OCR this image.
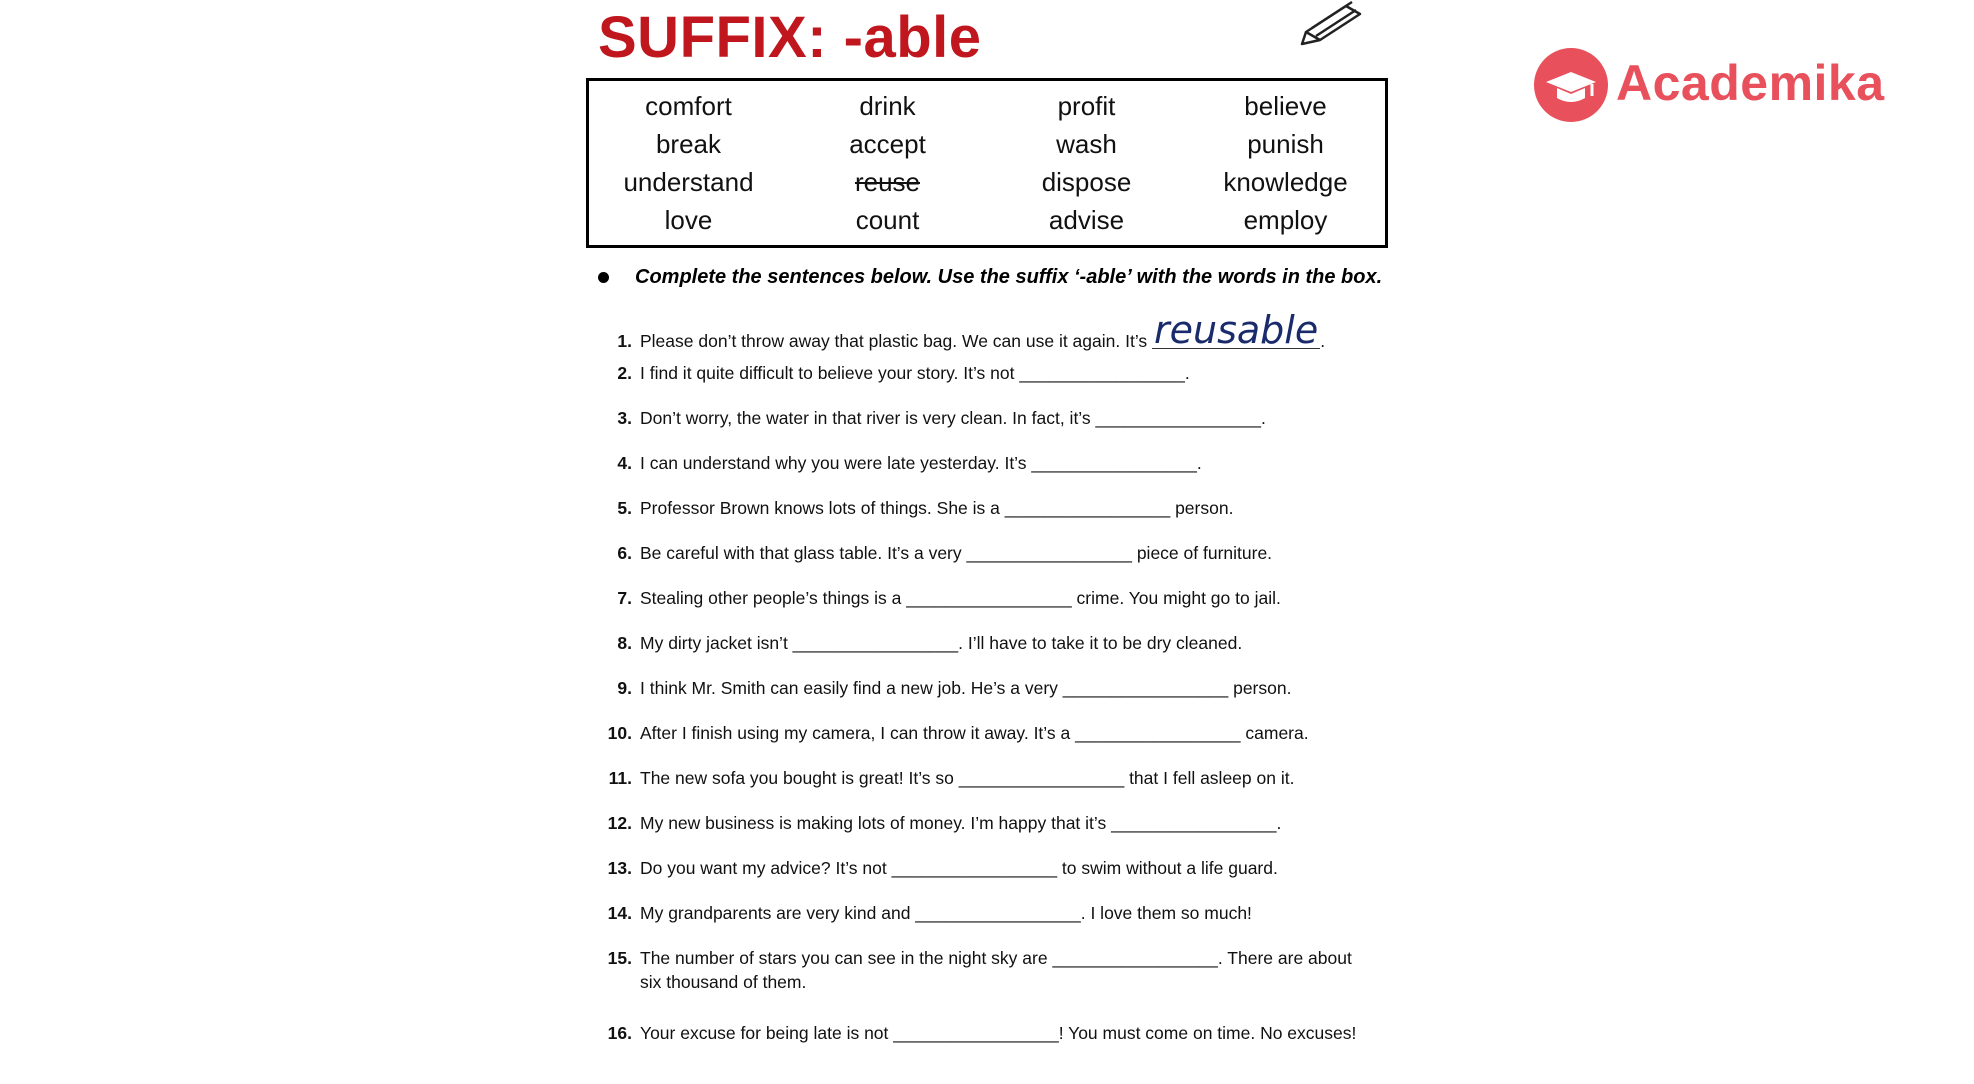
SUFFIX: -able
comfort	drink	profit	believe
break	accept	wash	punish
understand	reuse	dispose	knowledge
love	count	advise	employ
Complete the sentences below. Use the suffix ‘-able’ with the words in the box.
1. Please don’t throw away that plastic bag. We can use it again. It’s reusable .
2. I find it quite difficult to believe your story. It’s not _________________.
3. Don’t worry, the water in that river is very clean. In fact, it’s _________________.
4. I can understand why you were late yesterday. It’s _________________.
5. Professor Brown knows lots of things. She is a _________________ person.
6. Be careful with that glass table. It’s a very _________________ piece of furniture.
7. Stealing other people’s things is a _________________ crime. You might go to jail.
8. My dirty jacket isn’t _________________. I’ll have to take it to be dry cleaned.
9. I think Mr. Smith can easily find a new job. He’s a very _________________ person.
10. After I finish using my camera, I can throw it away. It’s a _________________ camera.
11. The new sofa you bought is great! It’s so _________________ that I fell asleep on it.
12. My new business is making lots of money. I’m happy that it’s _________________.
13. Do you want my advice? It’s not _________________ to swim without a life guard.
14. My grandparents are very kind and _________________. I love them so much!
15. The number of stars you can see in the night sky are _________________. There are about
six thousand of them.
16. Your excuse for being late is not _________________! You must come on time. No excuses!
Academika
